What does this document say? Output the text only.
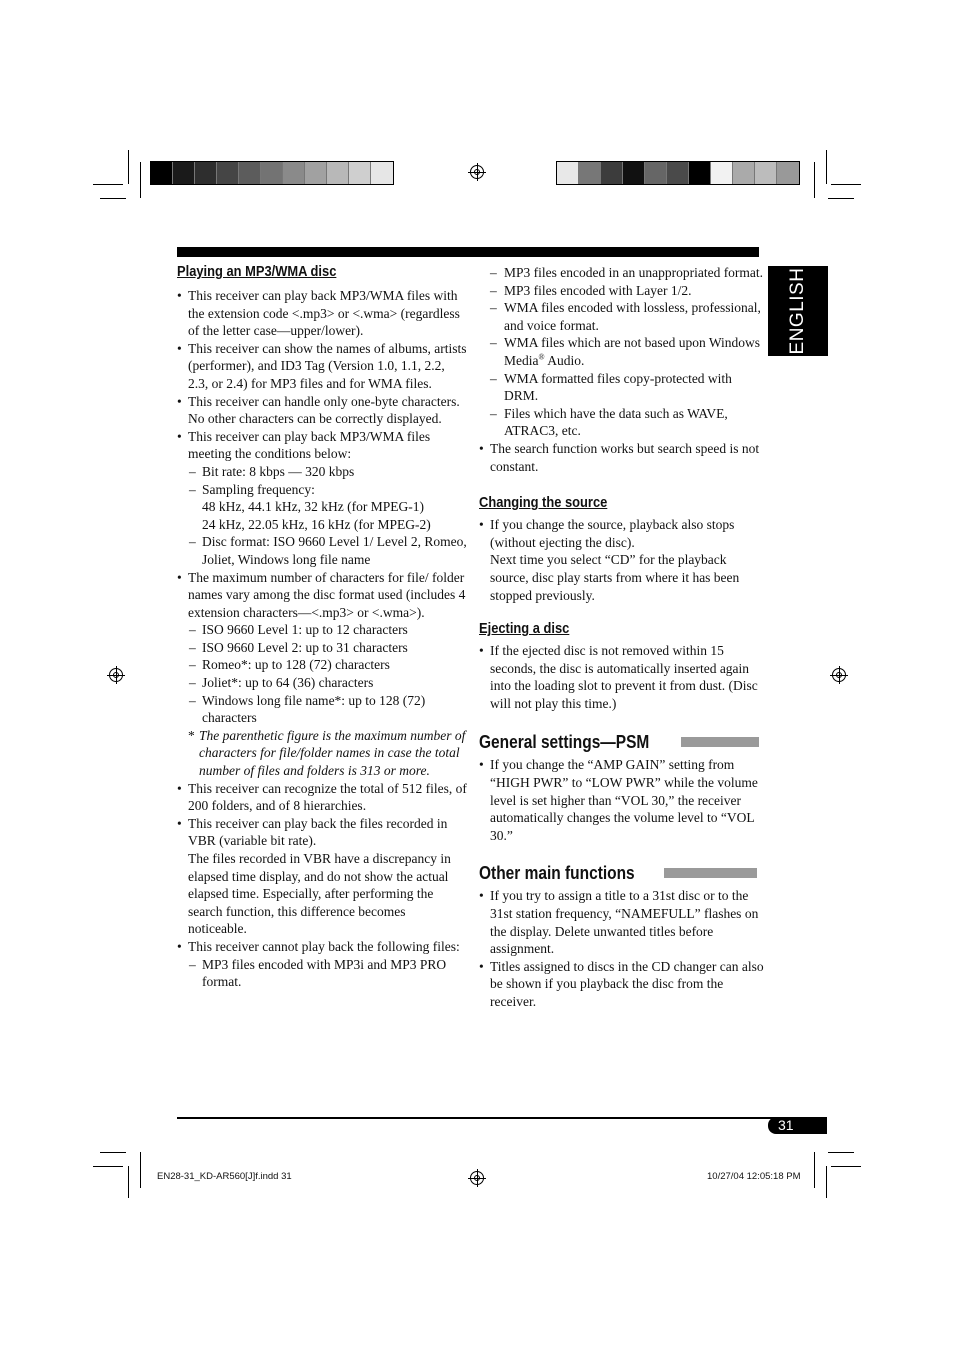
ENGLISH
Playing an MP3/WMA disc
• This receiver can play back MP3/WMA files with the extension code <.mp3> or <.wma> (regardless of the letter case—upper/lower).
• This receiver can show the names of albums, artists (performer), and ID3 Tag (Version 1.0, 1.1, 2.2, 2.3, or 2.4) for MP3 files and for WMA files.
• This receiver can handle only one-byte characters. No other characters can be correctly displayed.
• This receiver can play back MP3/WMA files meeting the conditions below:
– Bit rate: 8 kbps — 320 kbps
– Sampling frequency:
48 kHz, 44.1 kHz, 32 kHz (for MPEG-1)
24 kHz, 22.05 kHz, 16 kHz (for MPEG-2)
– Disc format: ISO 9660 Level 1/ Level 2, Romeo, Joliet, Windows long file name
• The maximum number of characters for file/ folder names vary among the disc format used (includes 4 extension characters—<.mp3> or <.wma>).
– ISO 9660 Level 1: up to 12 characters
– ISO 9660 Level 2: up to 31 characters
– Romeo*: up to 128 (72) characters
– Joliet*: up to 64 (36) characters
– Windows long file name*: up to 128 (72) characters
* The parenthetic figure is the maximum number of characters for file/folder names in case the total number of files and folders is 313 or more.
• This receiver can recognize the total of 512 files, of 200 folders, and of 8 hierarchies.
• This receiver can play back the files recorded in VBR (variable bit rate).
The files recorded in VBR have a discrepancy in elapsed time display, and do not show the actual elapsed time. Especially, after performing the search function, this difference becomes noticeable.
• This receiver cannot play back the following files:
– MP3 files encoded with MP3i and MP3 PRO format.
– MP3 files encoded in an unappropriated format.
– MP3 files encoded with Layer 1/2.
– WMA files encoded with lossless, professional, and voice format.
– WMA files which are not based upon Windows Media® Audio.
– WMA formatted files copy-protected with DRM.
– Files which have the data such as WAVE, ATRAC3, etc.
• The search function works but search speed is not constant.
Changing the source
• If you change the source, playback also stops (without ejecting the disc).
Next time you select “CD” for the playback source, disc play starts from where it has been stopped previously.
Ejecting a disc
• If the ejected disc is not removed within 15 seconds, the disc is automatically inserted again into the loading slot to prevent it from dust. (Disc will not play this time.)
General settings—PSM
• If you change the “AMP GAIN” setting from “HIGH PWR” to “LOW PWR” while the volume level is set higher than “VOL 30,” the receiver automatically changes the volume level to “VOL 30.”
Other main functions
• If you try to assign a title to a 31st disc or to the 31st station frequency, “NAMEFULL” flashes on the display. Delete unwanted titles before assignment.
• Titles assigned to discs in the CD changer can also be shown if you playback the disc from the receiver.
31
EN28-31_KD-AR560[J]f.indd 31	10/27/04 12:05:18 PM
